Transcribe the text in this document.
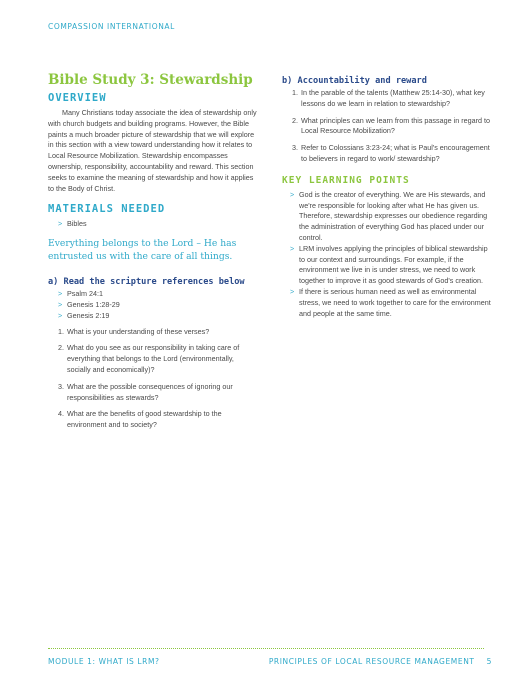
COMPASSION INTERNATIONAL
Bible Study 3: Stewardship
OVERVIEW

Many Christians today associate the idea of stewardship only with church budgets and building programs. However, the Bible paints a much broader picture of stewardship that we will explore in this section with a view toward understanding how it relates to Local Resource Mobilization. Stewardship encompasses ownership, responsibility, accountability and reward. This section seeks to examine the meaning of stewardship and how it applies to the Body of Christ.

MATERIALS NEEDED
> Bibles
Everything belongs to the Lord – He has entrusted us with the care of all things.
a) Read the scripture references below
> Psalm 24:1
> Genesis 1:28-29
> Genesis 2:19
1. What is your understanding of these verses?
2. What do you see as our responsibility in taking care of everything that belongs to the Lord (environmentally, socially and economically)?
3. What are the possible consequences of ignoring our responsibilities as stewards?
4. What are the benefits of good stewardship to the environment and to society?
b) Accountability and reward
1. In the parable of the talents (Matthew 25:14-30), what key lessons do we learn in relation to stewardship?
2. What principles can we learn from this passage in regard to Local Resource Mobilization?
3. Refer to Colossians 3:23-24; what is Paul's encouragement to believers in regard to work/ stewardship?
KEY LEARNING POINTS
> God is the creator of everything. We are His stewards, and we're responsible for looking after what He has given us. Therefore, stewardship expresses our obedience regarding the administration of everything God has placed under our control.
> LRM involves applying the principles of biblical stewardship to our context and surroundings. For example, if the environment we live in is under stress, we need to work together to improve it as good stewards of God's creation.
> If there is serious human need as well as environmental stress, we need to work together to care for the environment and people at the same time.
MODULE 1: WHAT IS LRM?	PRINCIPLES OF LOCAL RESOURCE MANAGEMENT 5
